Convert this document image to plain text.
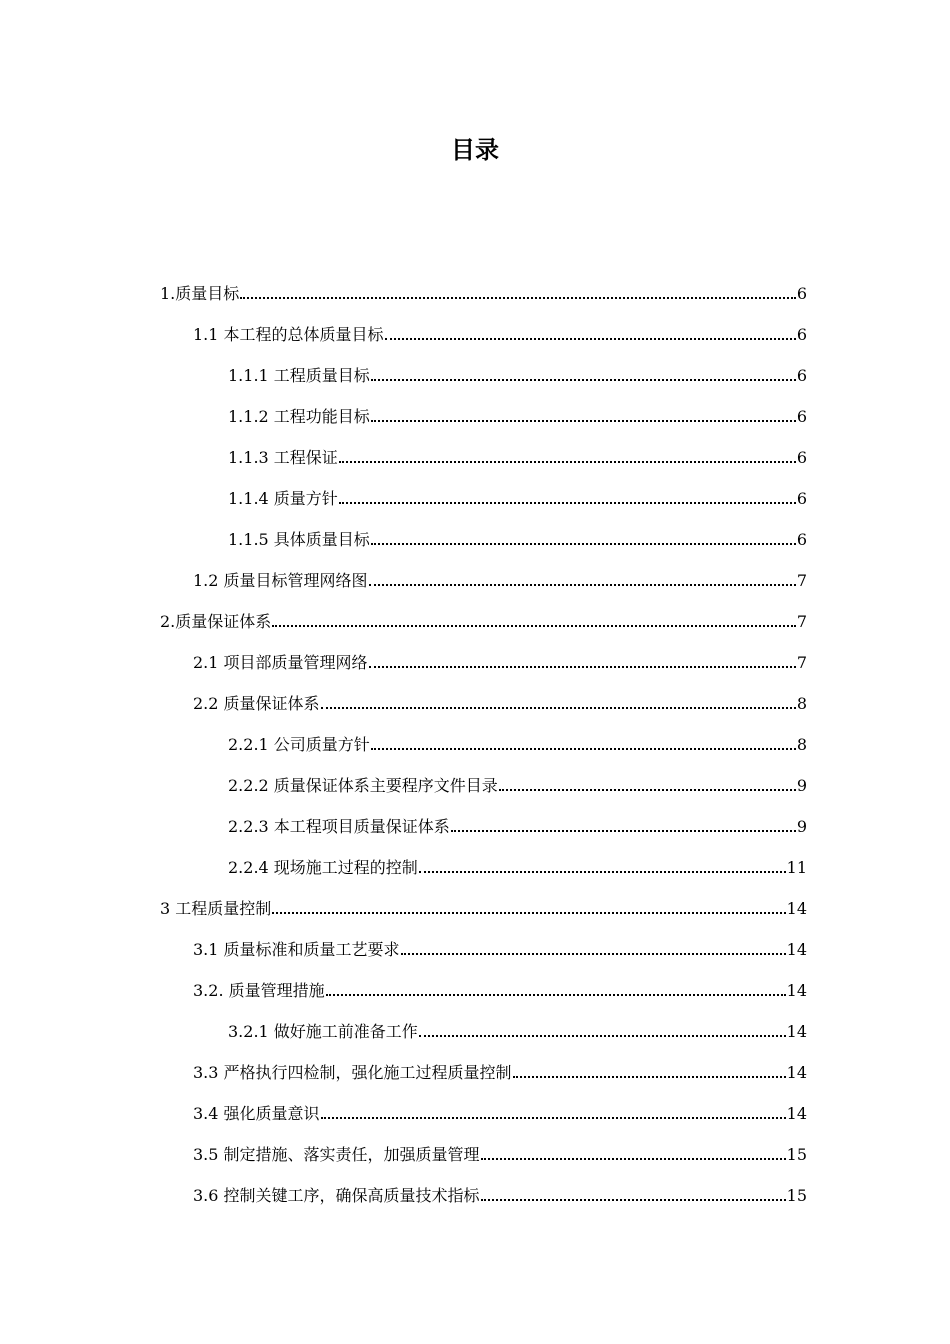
目录
1.质量目标	6
1.1 本工程的总体质量目标	6
1.1.1 工程质量目标	6
1.1.2 工程功能目标	6
1.1.3 工程保证	6
1.1.4 质量方针	6
1.1.5 具体质量目标	6
1.2 质量目标管理网络图	7
2.质量保证体系	7
2.1 项目部质量管理网络	7
2.2 质量保证体系	8
2.2.1 公司质量方针	8
2.2.2 质量保证体系主要程序文件目录	9
2.2.3 本工程项目质量保证体系	9
2.2.4 现场施工过程的控制	11
3 工程质量控制	14
3.1 质量标准和质量工艺要求	14
3.2. 质量管理措施	14
3.2.1 做好施工前准备工作	14
3.3 严格执行四检制，强化施工过程质量控制	14
3.4 强化质量意识	14
3.5 制定措施、落实责任，加强质量管理	15
3.6 控制关键工序，确保高质量技术指标	15
